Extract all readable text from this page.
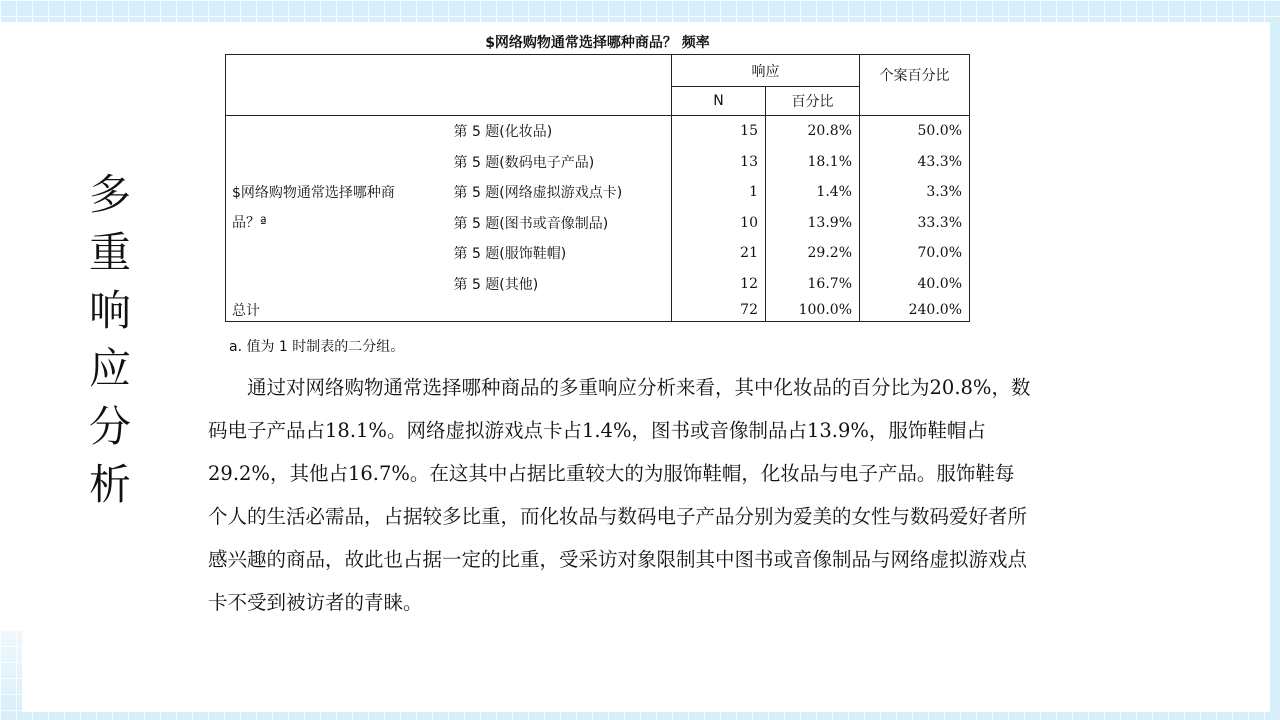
多
重
响
应
分
析
$网络购物通常选择哪种商品？ 频率
		响应		个案百分比
		N	百分比	

$网络购物通常选择哪种商
品？ª	第 5 题(化妆品)	15	20.8%	50.0%
	第 5 题(数码电子产品)	13	18.1%	43.3%
	第 5 题(网络虚拟游戏点卡)	1	1.4%	3.3%
	第 5 题(图书或音像制品)	10	13.9%	33.3%
	第 5 题(服饰鞋帽)	21	29.2%	70.0%
	第 5 题(其他)	12	16.7%	40.0%
总计		72	100.0%	240.0%
a. 值为 1 时制表的二分组。

通过对网络购物通常选择哪种商品的多重响应分析来看，其中化妆品的百分比为20.8%，数码电子产品占18.1%。网络虚拟游戏点卡占1.4%，图书或音像制品占13.9%，服饰鞋帽占29.2%，其他占16.7%。在这其中占据比重较大的为服饰鞋帽，化妆品与电子产品。服饰鞋每个人的生活必需品，占据较多比重，而化妆品与数码电子产品分别为爱美的女性与数码爱好者所感兴趣的商品，故此也占据一定的比重，受采访对象限制其中图书或音像制品与网络虚拟游戏点卡不受到被访者的青睐。
